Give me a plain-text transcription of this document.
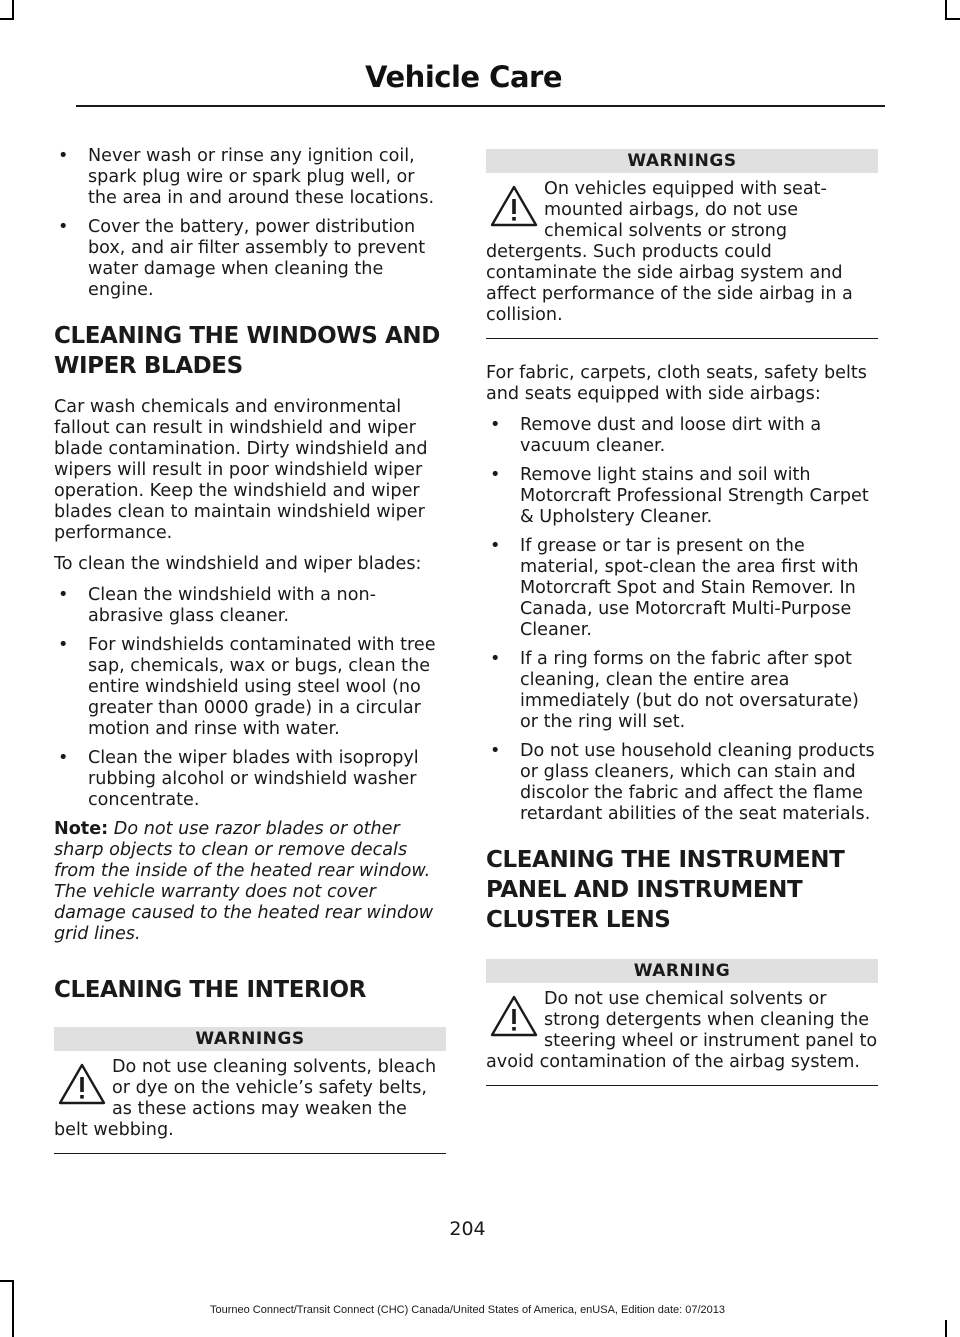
Vehicle Care
• Never wash or rinse any ignition coil, spark plug wire or spark plug well, or the area in and around these locations.
• Cover the battery, power distribution box, and air filter assembly to prevent water damage when cleaning the engine.
CLEANING THE WINDOWS AND
WIPER BLADES

Car wash chemicals and environmental fallout can result in windshield and wiper blade contamination. Dirty windshield and wipers will result in poor windshield wiper operation. Keep the windshield and wiper blades clean to maintain windshield wiper performance.

To clean the windshield and wiper blades:

• Clean the windshield with a non-abrasive glass cleaner.
• For windshields contaminated with tree sap, chemicals, wax or bugs, clean the entire windshield using steel wool (no greater than 0000 grade) in a circular motion and rinse with water.
• Clean the wiper blades with isopropyl rubbing alcohol or windshield washer concentrate.

Note: Do not use razor blades or other sharp objects to clean or remove decals from the inside of the heated rear window. The vehicle warranty does not cover damage caused to the heated rear window grid lines.

CLEANING THE INTERIOR
WARNINGS
Do not use cleaning solvents, bleach or dye on the vehicle’s safety belts, as these actions may weaken the belt webbing.
WARNINGS
On vehicles equipped with seat-mounted airbags, do not use chemical solvents or strong detergents. Such products could contaminate the side airbag system and affect performance of the side airbag in a collision.

For fabric, carpets, cloth seats, safety belts and seats equipped with side airbags:

• Remove dust and loose dirt with a vacuum cleaner.
• Remove light stains and soil with Motorcraft Professional Strength Carpet & Upholstery Cleaner.
• If grease or tar is present on the material, spot-clean the area first with Motorcraft Spot and Stain Remover. In Canada, use Motorcraft Multi-Purpose Cleaner.
• If a ring forms on the fabric after spot cleaning, clean the entire area immediately (but do not oversaturate) or the ring will set.
• Do not use household cleaning products or glass cleaners, which can stain and discolor the fabric and affect the flame retardant abilities of the seat materials.
CLEANING THE INSTRUMENT
PANEL AND INSTRUMENT
CLUSTER LENS
WARNING
Do not use chemical solvents or strong detergents when cleaning the steering wheel or instrument panel to avoid contamination of the airbag system.
204
Tourneo Connect/Transit Connect (CHC) Canada/United States of America, enUSA, Edition date: 07/2013
